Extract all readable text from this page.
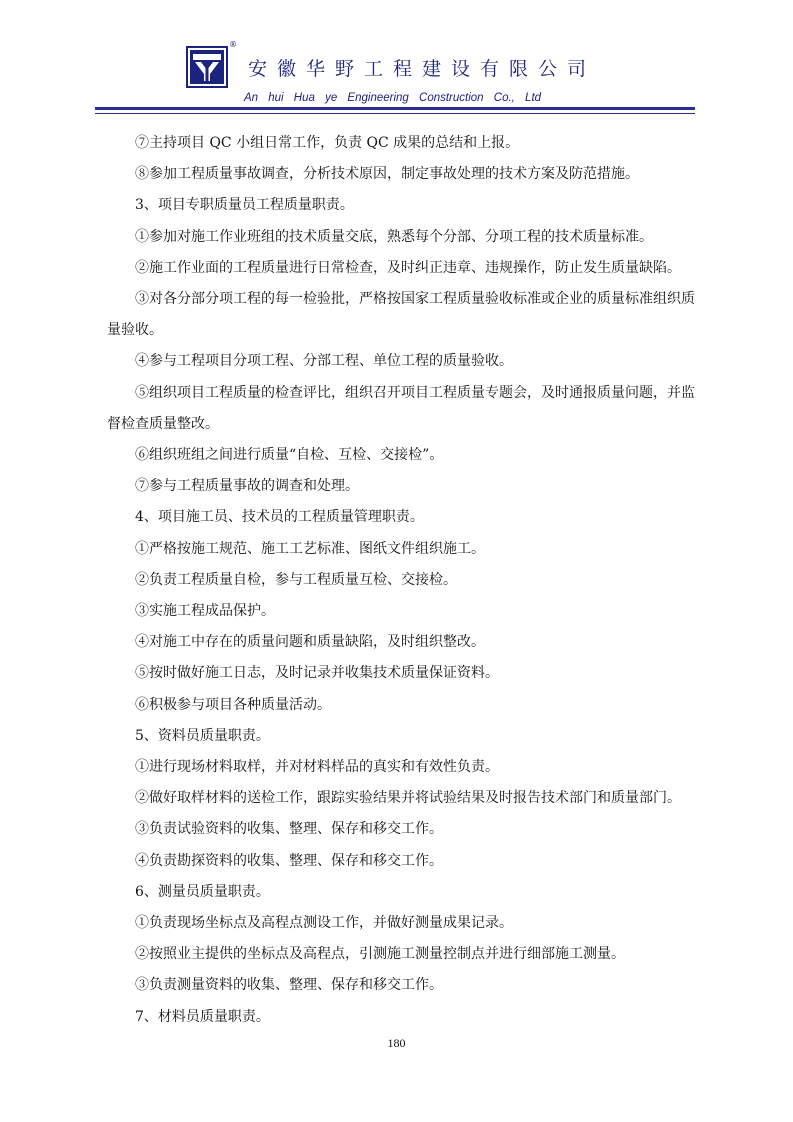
®
安徽华野工程建设有限公司
An hui Hua ye Engineering Construction Co., Ltd

⑦主持项目 QC 小组日常工作，负责 QC 成果的总结和上报。

⑧参加工程质量事故调查，分析技术原因，制定事故处理的技术方案及防范措施。

3、项目专职质量员工程质量职责。

①参加对施工作业班组的技术质量交底，熟悉每个分部、分项工程的技术质量标准。

②施工作业面的工程质量进行日常检查，及时纠正违章、违规操作，防止发生质量缺陷。

③对各分部分项工程的每一检验批，严格按国家工程质量验收标准或企业的质量标准组织质量验收。

④参与工程项目分项工程、分部工程、单位工程的质量验收。

⑤组织项目工程质量的检查评比，组织召开项目工程质量专题会，及时通报质量问题，并监督检查质量整改。

⑥组织班组之间进行质量“自检、互检、交接检”。

⑦参与工程质量事故的调查和处理。

4、项目施工员、技术员的工程质量管理职责。

①严格按施工规范、施工工艺标准、图纸文件组织施工。

②负责工程质量自检，参与工程质量互检、交接检。

③实施工程成品保护。

④对施工中存在的质量问题和质量缺陷，及时组织整改。

⑤按时做好施工日志，及时记录并收集技术质量保证资料。

⑥积极参与项目各种质量活动。

5、资料员质量职责。

①进行现场材料取样，并对材料样品的真实和有效性负责。

②做好取样材料的送检工作，跟踪实验结果并将试验结果及时报告技术部门和质量部门。

③负责试验资料的收集、整理、保存和移交工作。

④负责勘探资料的收集、整理、保存和移交工作。

6、测量员质量职责。

①负责现场坐标点及高程点测设工作，并做好测量成果记录。

②按照业主提供的坐标点及高程点，引测施工测量控制点并进行细部施工测量。

③负责测量资料的收集、整理、保存和移交工作。

7、材料员质量职责。

180
